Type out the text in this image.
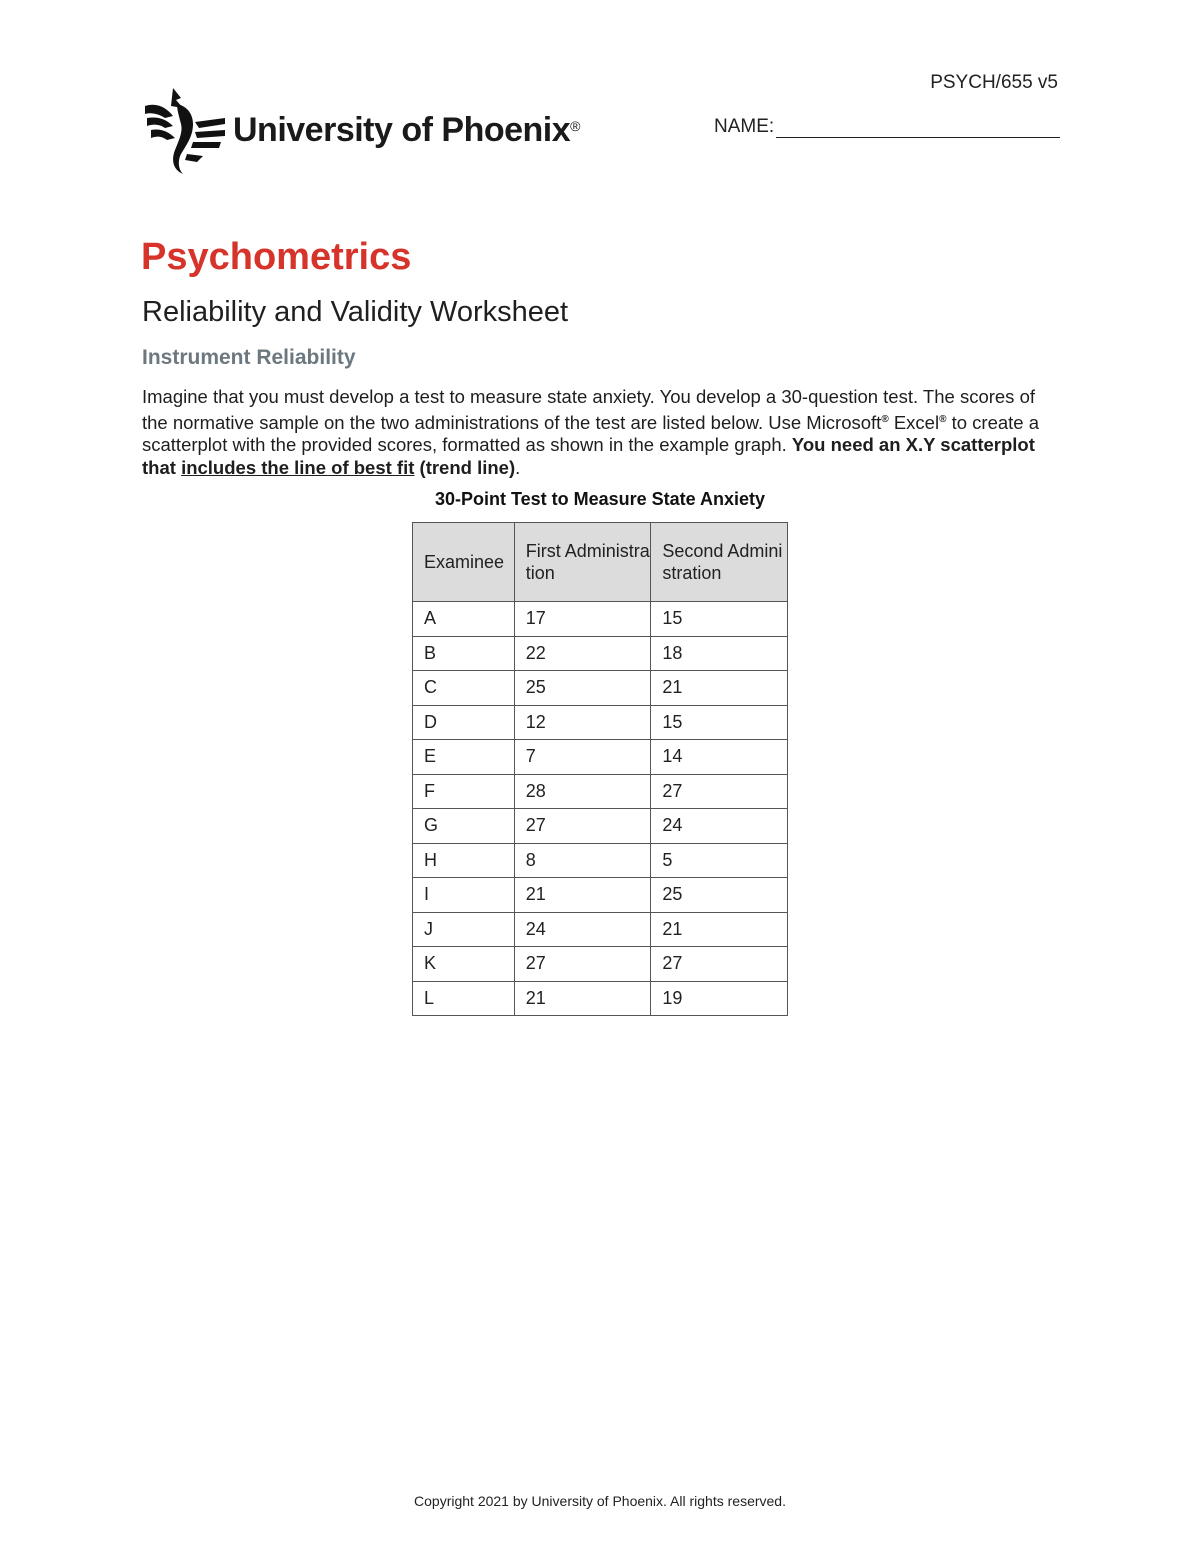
PSYCH/655 v5
NAME:
University of Phoenix®
Psychometrics
Reliability and Validity Worksheet
Instrument Reliability
Imagine that you must develop a test to measure state anxiety. You develop a 30-question test. The scores of the normative sample on the two administrations of the test are listed below. Use Microsoft® Excel® to create a scatterplot with the provided scores, formatted as shown in the example graph. You need an X.Y scatterplot that includes the line of best fit (trend line).
30-Point Test to Measure State Anxiety
Examinee	First Administration	Second Administration
A	17	15
B	22	18
C	25	21
D	12	15
E	7	14
F	28	27
G	27	24
H	8	5
I	21	25
J	24	21
K	27	27
L	21	19
Copyright 2021 by University of Phoenix. All rights reserved.
